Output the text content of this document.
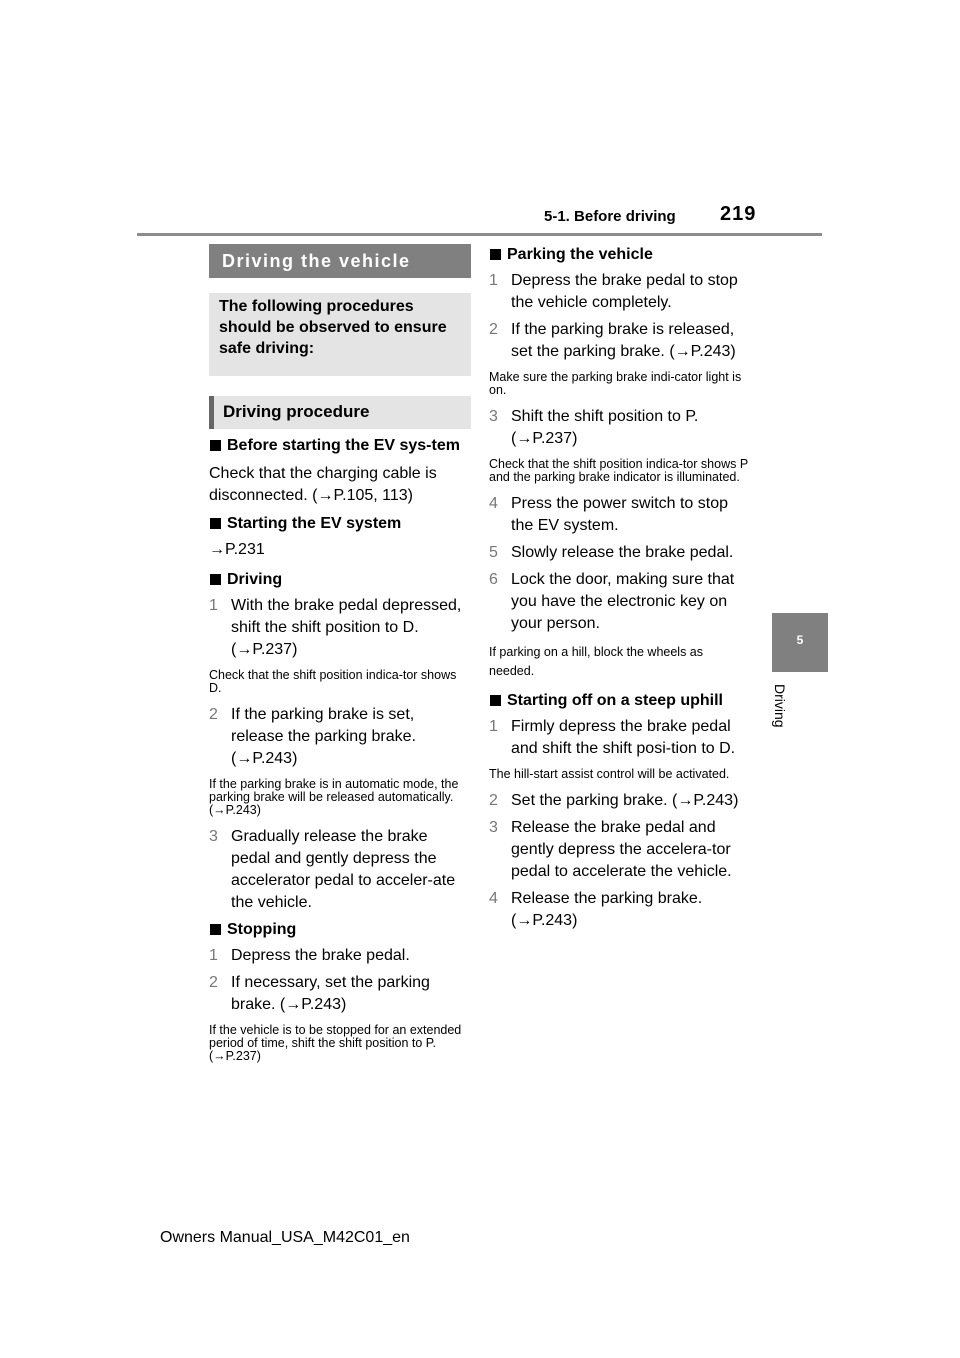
5-1. Before driving 219
5
Driving
Driving the vehicle
The following procedures should be observed to ensure safe driving:
Driving procedure
Before starting the EV sys-tem
Check that the charging cable is disconnected. (→P.105, 113)
Starting the EV system
→P.231
Driving
1 With the brake pedal depressed, shift the shift position to D. (→P.237)
Check that the shift position indica-tor shows D.
2 If the parking brake is set, release the parking brake. (→P.243)
If the parking brake is in automatic mode, the parking brake will be released automatically. (→P.243)
3 Gradually release the brake pedal and gently depress the accelerator pedal to acceler-ate the vehicle.
Stopping
1 Depress the brake pedal.
2 If necessary, set the parking brake. (→P.243)
If the vehicle is to be stopped for an extended period of time, shift the shift position to P. (→P.237)
Parking the vehicle
1 Depress the brake pedal to stop the vehicle completely.
2 If the parking brake is released, set the parking brake. (→P.243)
Make sure the parking brake indi-cator light is on.
3 Shift the shift position to P. (→P.237)
Check that the shift position indica-tor shows P and the parking brake indicator is illuminated.
4 Press the power switch to stop the EV system.
5 Slowly release the brake pedal.
6 Lock the door, making sure that you have the electronic key on your person.
If parking on a hill, block the wheels as needed.
Starting off on a steep uphill
1 Firmly depress the brake pedal and shift the shift posi-tion to D.
The hill-start assist control will be activated.
2 Set the parking brake. (→P.243)
3 Release the brake pedal and gently depress the accelera-tor pedal to accelerate the vehicle.
4 Release the parking brake. (→P.243)
Owners Manual_USA_M42C01_en
